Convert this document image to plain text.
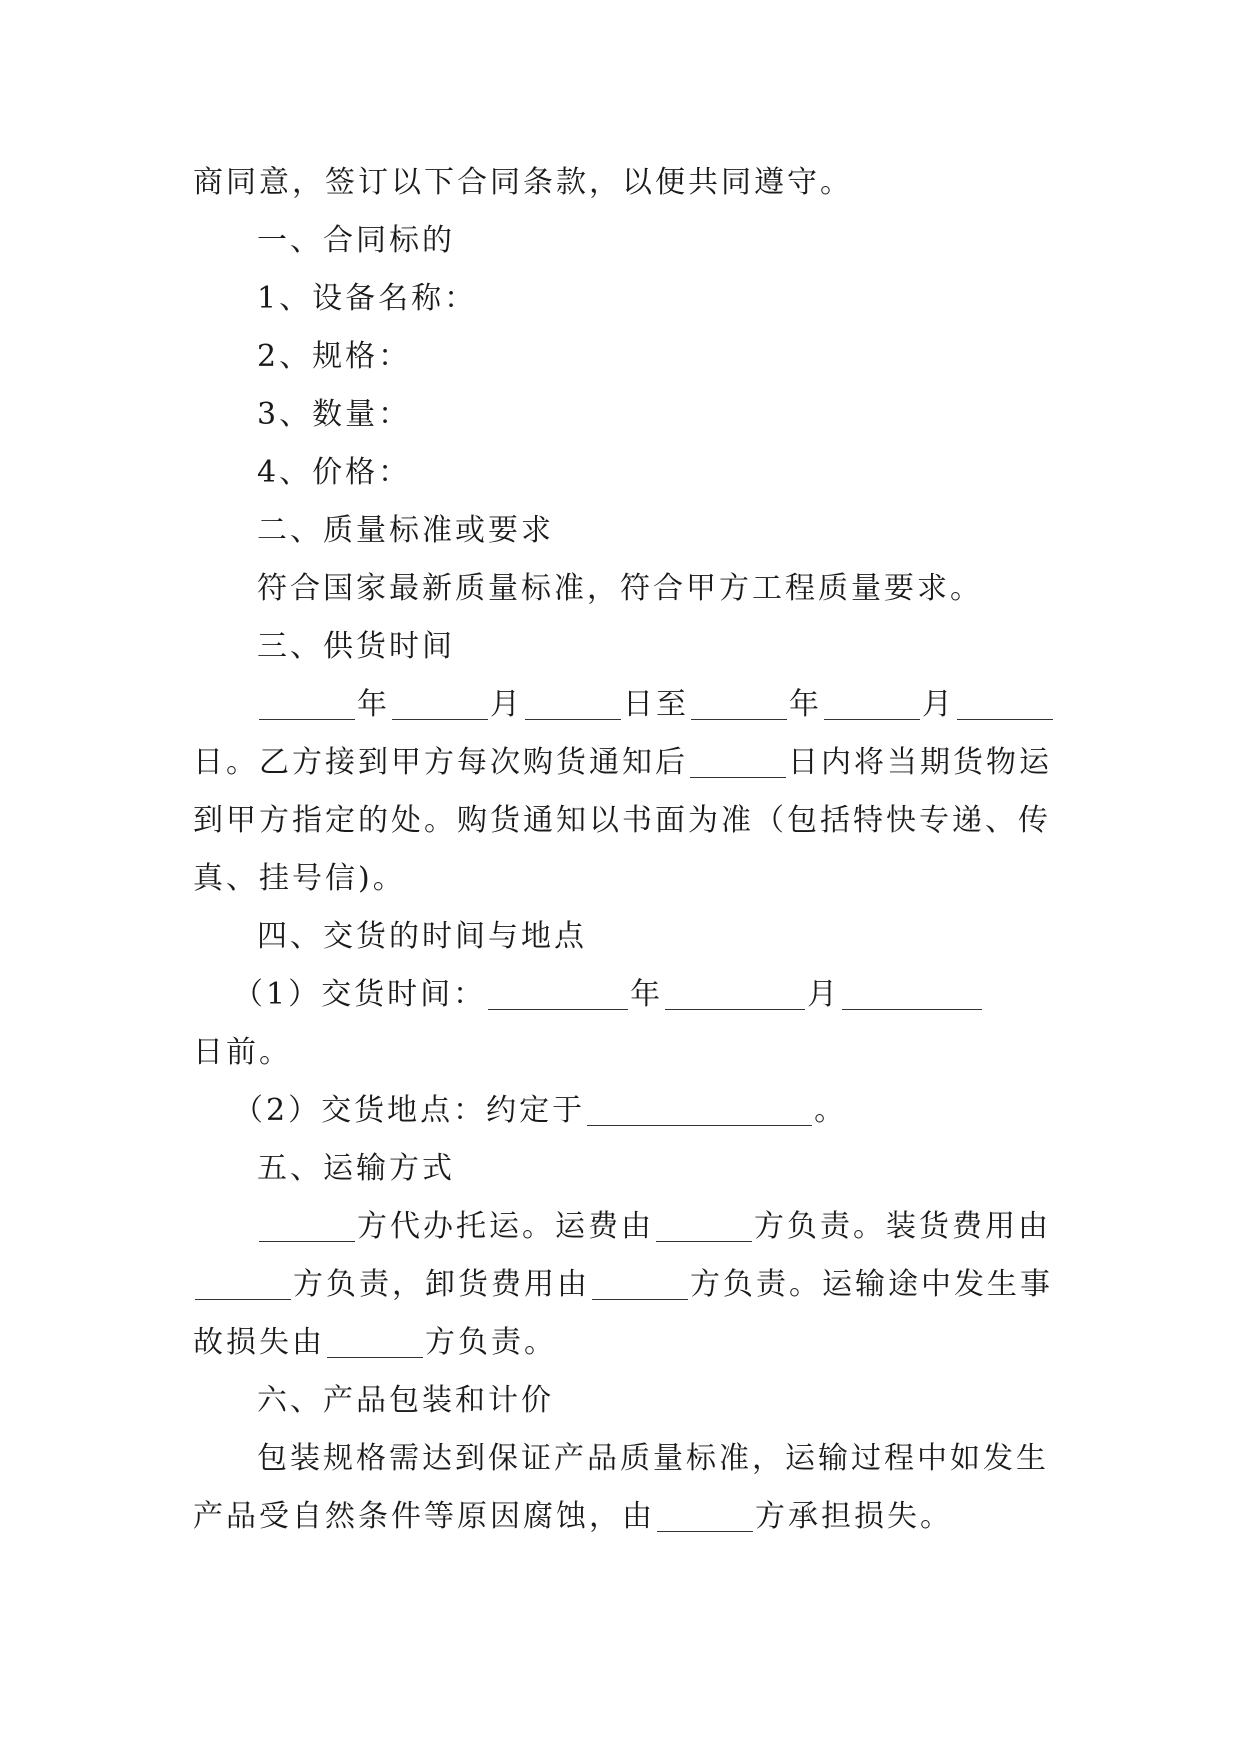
商同意，签订以下合同条款，以便共同遵守。
一、合同标的
1、设备名称：
2、规格：
3、数量：
4、价格：
二、质量标准或要求
符合国家最新质量标准，符合甲方工程质量要求。
三、供货时间
年	月	日至	年	月
日。乙方接到甲方每次购货通知后	日内将当期货物运
到甲方指定的处。购货通知以书面为准（包括特快专递、传
真、挂号信)。
四、交货的时间与地点
（1）交货时间：	年	月
日前。
（2）交货地点：约定于	。
五、运输方式
方代办托运。运费由	方负责。装货费用由
方负责，卸货费用由	方负责。运输途中发生事
故损失由	方负责。
六、产品包装和计价
包装规格需达到保证产品质量标准，运输过程中如发生
产品受自然条件等原因腐蚀，由	方承担损失。
